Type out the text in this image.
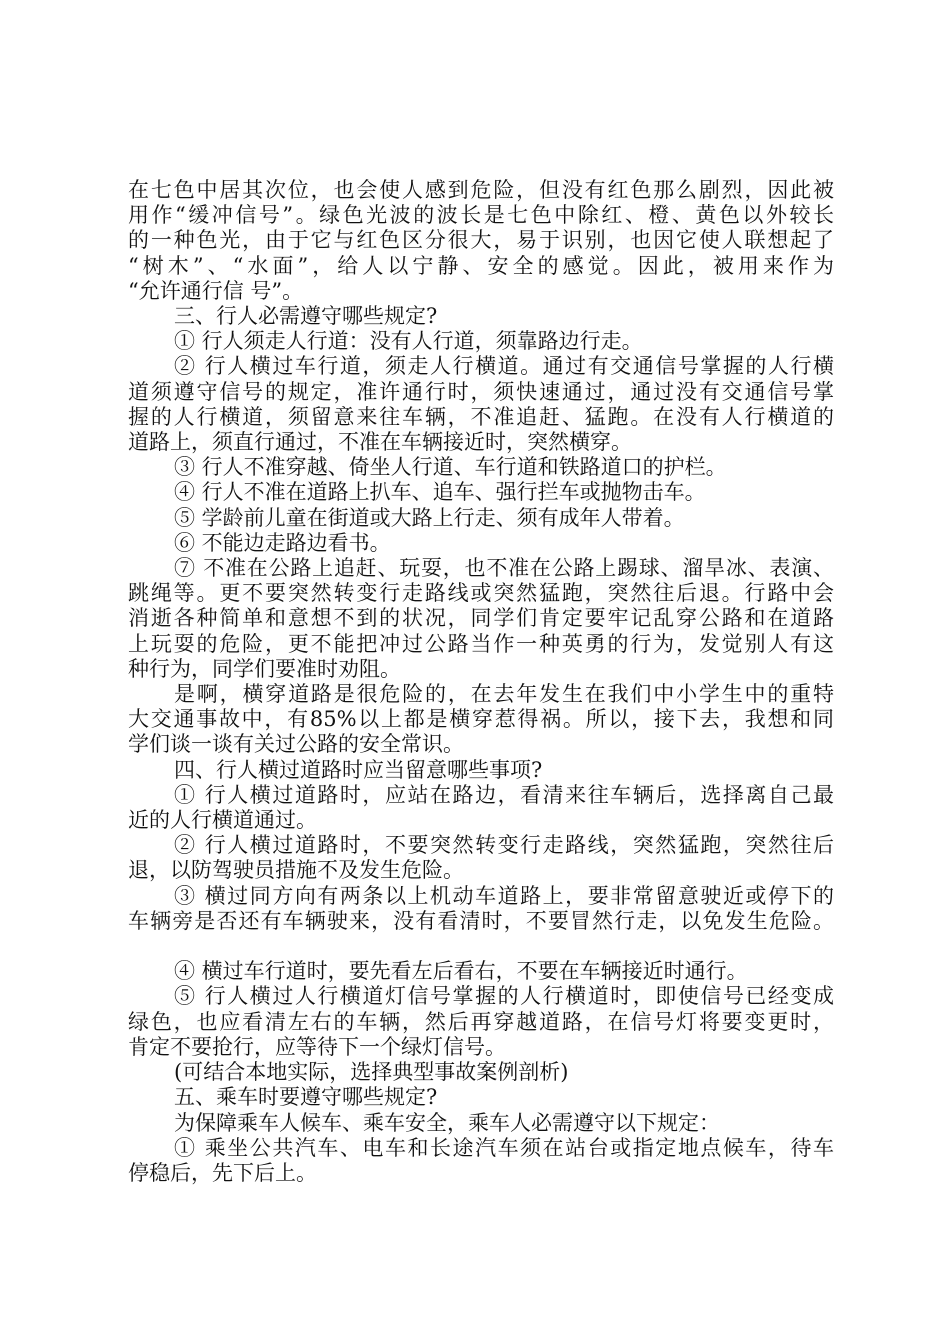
在七色中居其次位，也会使人感到危险，但没有红色那么剧烈，因此被

用作“缓冲信号”。绿色光波的波长是七色中除红、橙、黄色以外较长

的一种色光，由于它与红色区分很大，易于识别，也因它使人联想起了

“树木”、“水面”，给人以宁静、安全的感觉。因此，被用来作为

“允许通行信 号”。

三、行人必需遵守哪些规定?

① 行人须走人行道：没有人行道，须靠路边行走。

② 行人横过车行道，须走人行横道。通过有交通信号掌握的人行横

道须遵守信号的规定，准许通行时，须快速通过，通过没有交通信号掌

握的人行横道，须留意来往车辆，不准追赶、猛跑。在没有人行横道的

道路上，须直行通过，不准在车辆接近时，突然横穿。

③ 行人不准穿越、倚坐人行道、车行道和铁路道口的护栏。

④ 行人不准在道路上扒车、追车、强行拦车或抛物击车。

⑤ 学龄前儿童在街道或大路上行走、须有成年人带着。

⑥ 不能边走路边看书。

⑦ 不准在公路上追赶、玩耍，也不准在公路上踢球、溜旱冰、表演、

跳绳等。更不要突然转变行走路线或突然猛跑，突然往后退。行路中会

消逝各种简单和意想不到的状况，同学们肯定要牢记乱穿公路和在道路

上玩耍的危险，更不能把冲过公路当作一种英勇的行为，发觉别人有这

种行为，同学们要准时劝阻。

是啊，横穿道路是很危险的，在去年发生在我们中小学生中的重特

大交通事故中，有85%以上都是横穿惹得祸。所以，接下去，我想和同

学们谈一谈有关过公路的安全常识。

四、行人横过道路时应当留意哪些事项?

① 行人横过道路时，应站在路边，看清来往车辆后，选择离自己最

近的人行横道通过。

② 行人横过道路时，不要突然转变行走路线，突然猛跑，突然往后

退，以防驾驶员措施不及发生危险。

③ 横过同方向有两条以上机动车道路上，要非常留意驶近或停下的

车辆旁是否还有车辆驶来，没有看清时，不要冒然行走，以免发生危险。

④ 横过车行道时，要先看左后看右，不要在车辆接近时通行。

⑤ 行人横过人行横道灯信号掌握的人行横道时，即使信号已经变成

绿色，也应看清左右的车辆，然后再穿越道路，在信号灯将要变更时，

肯定不要抢行，应等待下一个绿灯信号。

(可结合本地实际，选择典型事故案例剖析)

五、乘车时要遵守哪些规定?

为保障乘车人候车、乘车安全，乘车人必需遵守以下规定：

① 乘坐公共汽车、电车和长途汽车须在站台或指定地点候车，待车

停稳后，先下后上。
